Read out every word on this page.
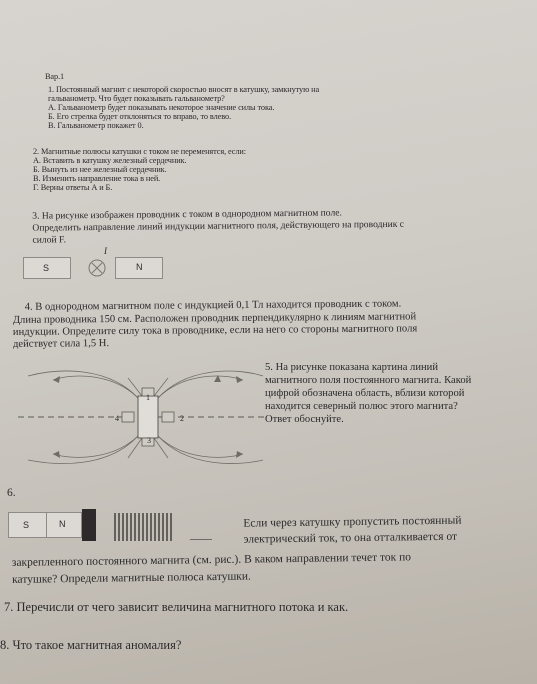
Вар.1
1. Постоянный магнит с некоторой скоростью вносят в катушку, замкнутую на
гальванометр. Что будет показывать гальванометр?
А. Гальванометр будет показывать некоторое значение силы тока.
Б. Его стрелка будет отклоняться то вправо, то влево.
В. Гальванометр покажет 0.
2. Магнитные полюсы катушки с током не переменятся, если:
А. Вставить в катушку железный сердечник.
Б. Вынуть из нее железный сердечник.
В. Изменить направление тока в ней.
Г. Верны ответы А и Б.
3. На рисунке изображен проводник с током в однородном магнитном поле.
Определить направление линий индукции магнитного поля, действующего на проводник с
силой F.
S
I
N
4. В однородном магнитном поле с индукцией 0,1 Тл находится проводник с током.
Длина проводника 150 см. Расположен проводник перпендикулярно к линиям магнитной
индукции. Определите силу тока в проводнике, если на него со стороны магнитного поля
действует сила 1,5 Н.
1
2
3
4
5. На рисунке показана картина линий
магнитного поля постоянного магнита. Какой
цифрой обозначена область, вблизи которой
находится северный полюс этого магнита?
Ответ обоснуйте.
6.
S	N	Если через катушку пропустить постоянный
электрический ток, то она отталкивается от
закрепленного постоянного магнита (см. рис.). В каком направлении течет ток по
катушке? Определи магнитные полюса катушки.
7. Перечисли от чего зависит величина магнитного потока и как.
8. Что такое магнитная аномалия?
